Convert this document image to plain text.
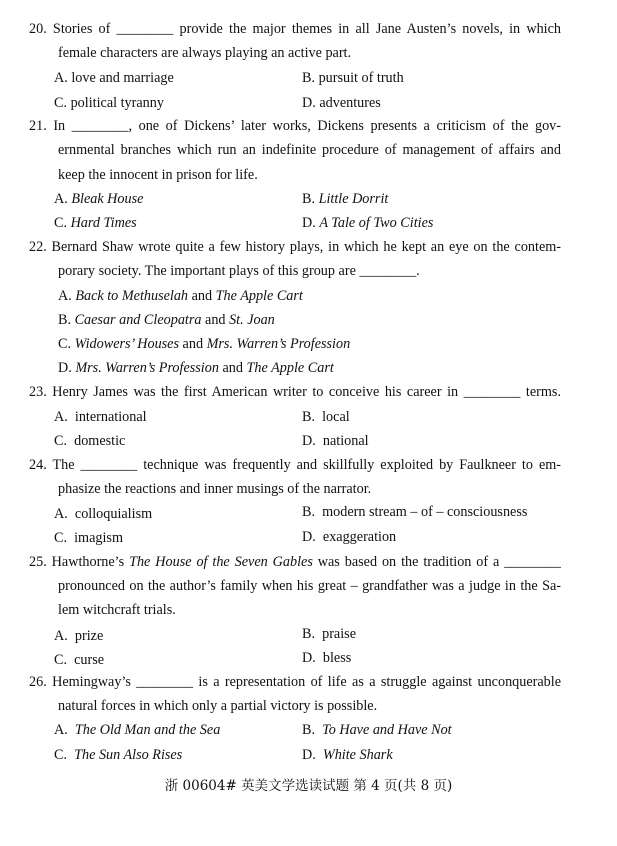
20. Stories of ________ provide the major themes in all Jane Austen’s novels, in which
female characters are always playing an active part.
A. love and marriage	B. pursuit of truth
C. political tyranny	D. adventures
21. In ________, one of Dickens’ later works, Dickens presents a criticism of the gov-
ernmental branches which run an indefinite procedure of management of affairs and
keep the innocent in prison for life.
A. Bleak House	B. Little Dorrit
C. Hard Times	D. A Tale of Two Cities
22. Bernard Shaw wrote quite a few history plays, in which he kept an eye on the contem-
porary society. The important plays of this group are ________.
A. Back to Methuselah and The Apple Cart
B. Caesar and Cleopatra and St. Joan
C. Widowers’ Houses and Mrs. Warren’s Profession
D. Mrs. Warren’s Profession and The Apple Cart
23. Henry James was the first American writer to conceive his career in ________ terms.
A. international	B. local
C. domestic	D. national
24. The ________ technique was frequently and skillfully exploited by Faulkneer to em-
phasize the reactions and inner musings of the narrator.
A. colloquialism	B. modern stream – of – consciousness
C. imagism	D. exaggeration
25. Hawthorne’s The House of the Seven Gables was based on the tradition of a ________
pronounced on the author’s family when his great – grandfather was a judge in the Sa-
lem witchcraft trials.
A. prize	B. praise
C. curse	D. bless
26. Hemingway’s ________ is a representation of life as a struggle against unconquerable
natural forces in which only a partial victory is possible.
A. The Old Man and the Sea	B. To Have and Have Not
C. The Sun Also Rises	D. White Shark
浙 00604# 英美文学选读试题 第 4 页(共 8 页)
